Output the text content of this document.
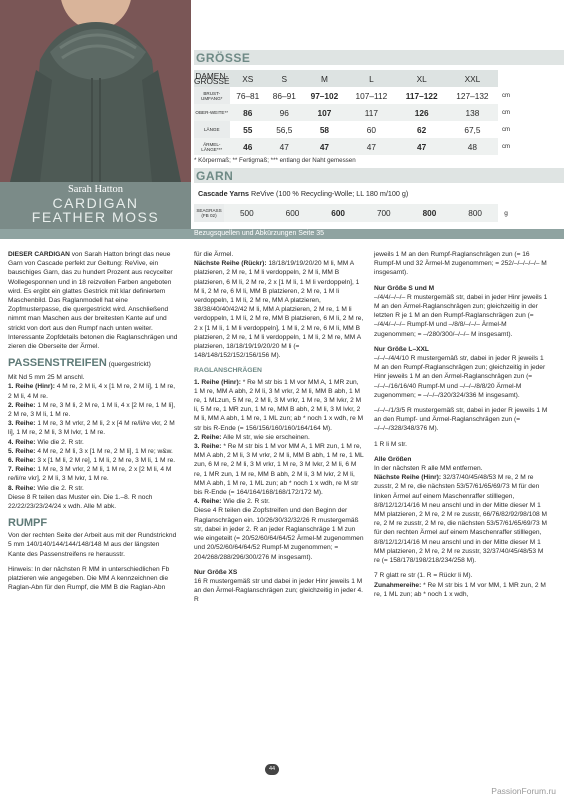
Sarah Hatton
CARDIGAN
FEATHER MOSS
GRÖSSE
DAMEN-GRÖSSE	XS	S	M	L	XL	XXL	
BRUST-UMFANG*	76–81	86–91	97–102	107–112	117–122	127–132	cm
OBER-WEITE**	86	96	107	117	126	138	cm
LÄNGE	55	56,5	58	60	62	67,5	cm
ÄRMEL-LÄNGE***	46	47	47	47	47	48	cm
* Körpermaß; ** Fertigmaß; *** entlang der Naht gemessen
GARN
Cascade Yarns ReVive (100 % Recycling-Wolle; LL 180 m/100 g)
SEAGRASS (FB 02)	500	600	600	700	800	800	g
Bezugsquellen und Abkürzungen Seite 35

DIESER CARDIGAN von Sarah Hatton bringt das neue Garn von Cascade perfekt zur Geltung: ReVive, ein bauschiges Garn, das zu hundert Prozent aus recycelter Wollegesponnen und in 18 reizvollen Farben angeboten wird. Es ergibt ein glattes Gestrick mit klar definiertem Maschenbild. Das Raglanmodell hat eine Zopfmusterpasse, die quergestrickt wird. Anschließend nimmt man Maschen aus der breitesten Kante auf und strickt von dort aus den Rumpf nach unten weiter. Interessante Zopfdetails betonen die Raglanschrägen und zieren die Oberseite der Ärmel.

PASSENSTREIFEN (quergestrickt)
Mit Nd 5 mm 25 M anschl.
1. Reihe (Hinr): 4 M re, 2 M li, 4 x [1 M re, 2 M li], 1 M re, 2 M li, 4 M re.
2. Reihe: 1 M re, 3 M li, 2 M re, 1 M li, 4 x [2 M re, 1 M li], 2 M re, 3 M li, 1 M re.
3. Reihe: 1 M re, 3 M vrkr, 2 M li, 2 x [4 M re/li/re vkr, 2 M li], 1 M re, 2 M li, 3 M lvkr, 1 M re.
4. Reihe: Wie die 2. R str.
5. Reihe: 4 M re, 2 M li, 3 x [1 M re, 2 M li], 1 M re; w&w.
6. Reihe: 3 x [1 M li, 2 M re], 1 M li, 2 M re, 3 M li, 1 M re.
7. Reihe: 1 M re, 3 M vrkr, 2 M li, 1 M re, 2 x [2 M li, 4 M re/li/re vkr], 2 M li, 3 M lvkr, 1 M re.
8. Reihe: Wie die 2. R str.

Diese 8 R teilen das Muster ein. Die 1.–8. R noch 22/22/23/23/24/24 x wdh. Alle M abk.

RUMPF

Von der rechten Seite der Arbeit aus mit der Rundstricknd 5 mm 140/140/144/144/148/148 M aus der längsten Kante des Passenstreifens re herausstr.

Hinweis: In der nächsten R MM in unterschiedlichen Fb platzieren wie angegeben. Die MM A kennzeichnen die Raglan-Abn für den Rumpf, die MM B die Raglan-Abn

für die Ärmel.

Nächste Reihe (Rückr): 18/18/19/19/20/20 M li, MM A platzieren, 2 M re, 1 M li verdoppeln, 2 M li, MM B platzieren, 6 M li, 2 M re, 2 x [1 M li, 1 M li verdoppeln], 1 M li, 2 M re, 6 M li, MM B platzieren, 2 M re, 1 M li verdoppeln, 1 M li, 2 M re, MM A platzieren, 38/38/40/40/42/42 M li, MM A platzieren, 2 M re, 1 M li verdoppeln, 1 M li, 2 M re, MM B platzieren, 6 M li, 2 M re, 2 x [1 M li, 1 M li verdoppeln], 1 M li, 2 M re, 6 M li, MM B platzieren, 2 M re, 1 M li verdoppeln, 1 M li, 2 M re, MM A platzieren, 18/18/19/19/20/20 M li (= 148/148/152/152/156/156 M).

RAGLANSCHRÄGEN
1. Reihe (Hinr): * Re M str bis 1 M vor MM A, 1 MR zun, 1 M re, MM A abh, 2 M li, 3 M vrkr, 2 M li, MM B abh, 1 M re, 1 MLzun, 5 M re, 2 M li, 3 M vrkr, 1 M re, 3 M lvkr, 2 M li, 5 M re, 1 MR zun, 1 M re, MM B abh, 2 M li, 3 M lvkr, 2 M li, MM A abh, 1 M re, 1 ML zun; ab * noch 1 x wdh, re M str bis R-Ende (= 156/156/160/160/164/164 M).
2. Reihe: Alle M str, wie sie erscheinen.
3. Reihe: * Re M str bis 1 M vor MM A, 1 MR zun, 1 M re, MM A abh, 2 M li, 3 M vrkr, 2 M li, MM B abh, 1 M re, 1 ML zun, 6 M re, 2 M li, 3 M vrkr, 1 M re, 3 M lvkr, 2 M li, 6 M re, 1 MR zun, 1 M re, MM B abh, 2 M li, 3 M lvkr, 2 M li, MM A abh, 1 M re, 1 ML zun; ab * noch 1 x wdh, re M str bis R-Ende (= 164/164/168/168/172/172 M).
4. Reihe: Wie die 2. R str.

Diese 4 R teilen die Zopfstreifen und den Beginn der Raglanschrägen ein. 10/26/30/32/32/26 R mustergemäß str, dabei in jeder 2. R an jeder Raglanschräge 1 M zun wie eingeteilt (= 20/52/60/64/64/52 Ärmel-M zugenommen und 20/52/60/64/64/52 Rumpf-M zugenommen; = 204/268/288/296/300/276 M insgesamt).

Nur Größe XS

16 R mustergemäß str und dabei in jeder Hinr jeweils 1 M an den Ärmel-Raglanschrägen zun; gleichzeitig in jeder 4. R

jeweils 1 M an den Rumpf-Raglanschrägen zun (= 16 Rumpf-M und 32 Ärmel-M zugenommen; = 252/–/–/–/–/– M insgesamt).

Nur Größe S und M

–/4/4/–/–/– R mustergemäß str, dabei in jeder Hinr jeweils 1 M an den Ärmel-Raglanschrägen zun; gleichzeitig in der letzten R je 1 M an den Rumpf-Raglanschrägen zun (= –/4/4/–/–/– Rumpf-M und –/8/8/–/–/– Ärmel-M zugenommen; = –/280/300/–/–/– M insgesamt).

Nur Größe L–XXL

–/–/–/4/4/10 R mustergemäß str, dabei in jeder R jeweils 1 M an den Rumpf-Raglanschrägen zun; gleichzeitig in jeder Hinr jeweils 1 M an den Ärmel-Raglanschrägen zun (= –/–/–/16/16/40 Rumpf-M und –/–/–/8/8/20 Ärmel-M zugenommen; = –/–/–/320/324/336 M insgesamt).

–/–/–/1/3/5 R mustergemäß str, dabei in jeder R jeweils 1 M an den Rumpf- und Ärmel-Raglanschrägen zun (= –/–/–/328/348/376 M).

1 R li M str.

Alle Größen
In der nächsten R alle MM entfernen.

Nächste Reihe (Hinr): 32/37/40/45/48/53 M re, 2 M re zusstr, 2 M re, die nächsten 53/57/61/65/69/73 M für den linken Ärmel auf einem Maschenraffer stilllegen, 8/8/12/12/14/16 M neu anschl und in der Mitte dieser M 1 MM platzieren, 2 M re, 2 M re zusstr, 66/76/82/92/98/108 M re, 2 M re zusstr, 2 M re, die nächsten 53/57/61/65/69/73 M für den rechten Ärmel auf einem Maschenraffer stilllegen, 8/8/12/12/14/16 M neu anschl und in der Mitte dieser M 1 MM platzieren, 2 M re, 2 M re zusstr, 32/37/40/45/48/53 M re (= 158/178/198/218/234/258 M).

7 R glatt re str (1. R = Rückr li M).
Zunahmereihe: * Re M str bis 1 M vor MM, 1 MR zun, 2 M re, 1 ML zun; ab * noch 1 x wdh,
44
PassionForum.ru
